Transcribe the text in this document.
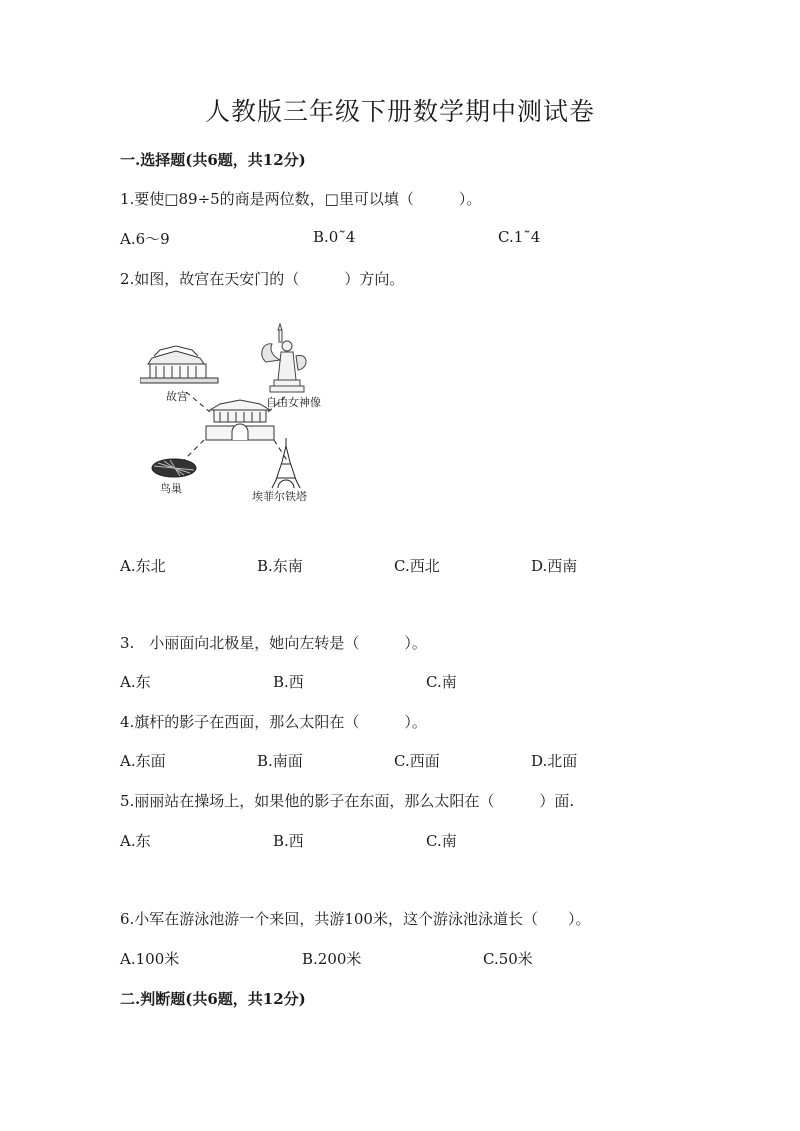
人教版三年级下册数学期中测试卷
一.选择题(共6题，共12分)
1.要使□89÷5的商是两位数，□里可以填（　　　）。
A.6～9	B.0˜4	C.1˜4
2.如图，故宫在天安门的（　　　）方向。
故宫	自由女神像
鸟巢
埃菲尔铁塔
A.东北	B.东南	C.西北	D.西南
3.　小丽面向北极星，她向左转是（　　　）。
A.东	B.西	C.南
4.旗杆的影子在西面，那么太阳在（　　　）。
A.东面	B.南面	C.西面	D.北面
5.丽丽站在操场上，如果他的影子在东面，那么太阳在（　　　）面.
A.东	B.西	C.南
6.小军在游泳池游一个来回，共游100米，这个游泳池泳道长（　　）。
A.100米	B.200米	C.50米
二.判断题(共6题，共12分)
